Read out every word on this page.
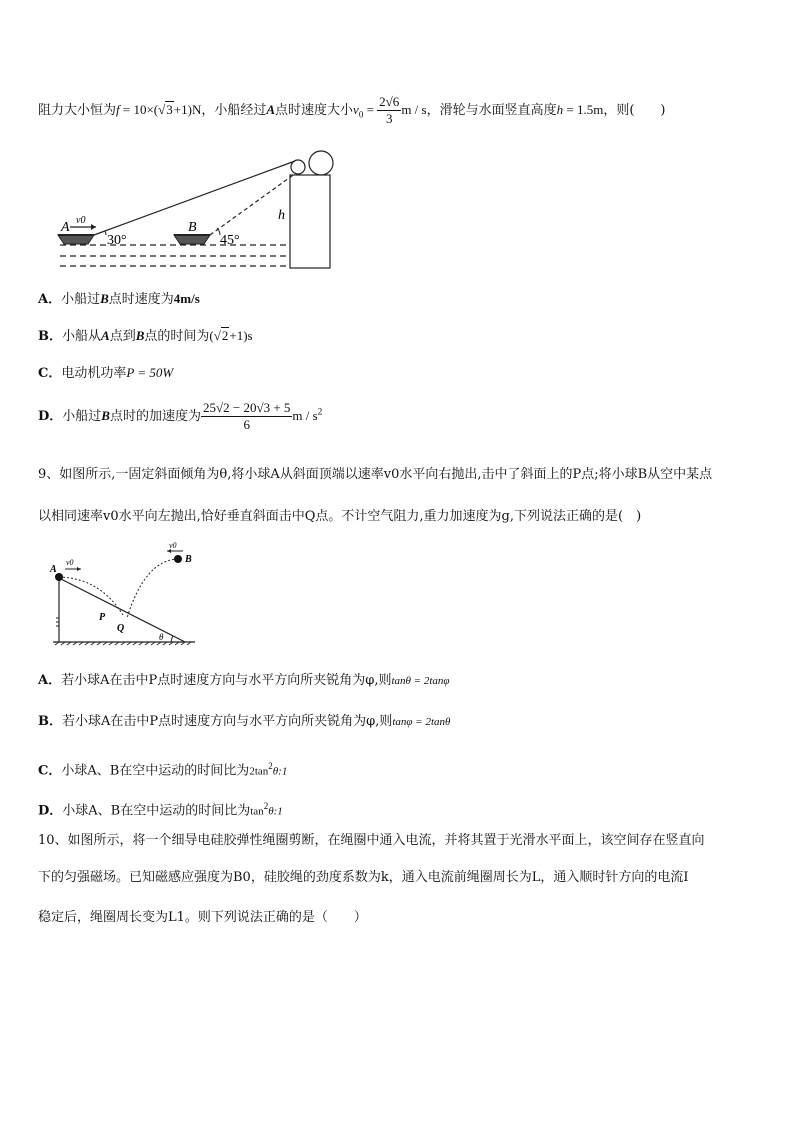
阻力大小恒为f = 10×(√3+1)N，小船经过A点时速度大小$v_0 = \frac{2√6}{3}$ m / s，滑轮与水面竖直高度h = 1.5m，则(　　)
v0
A	B
30°	45°
h
A．小船过B点时速度为4m/s
B．小船从A点到B点的时间为(√2+1)s
C．电动机功率P = 50W
D．小船过B点时的加速度为 $\frac{25√2 - 20√3 + 5}{6}$ m / $s^2$
9、如图所示,一固定斜面倾角为θ,将小球A从斜面顶端以速率v0水平向右抛出,击中了斜面上的P点;将小球B从空中某点
以相同速率v0水平向左抛出,恰好垂直斜面击中Q点。不计空气阻力,重力加速度为g,下列说法正确的是(　)
v0
v0
A
B
P
Q
θ
A．若小球A在击中P点时速度方向与水平方向所夹锐角为φ,则tanθ = 2tanφ
B．若小球A在击中P点时速度方向与水平方向所夹锐角为φ,则tanφ = 2tanθ
C．小球A、B在空中运动的时间比为$2\tan^2\theta:1$
D．小球A、B在空中运动的时间比为$\tan^2\theta:1$
10、如图所示，将一个细导电硅胶弹性绳圈剪断，在绳圈中通入电流，并将其置于光滑水平面上，该空间存在竖直向
下的匀强磁场。已知磁感应强度为B0，硅胶绳的劲度系数为k，通入电流前绳圈周长为L，通入顺时针方向的电流I
稳定后，绳圈周长变为L1。则下列说法正确的是（　　）
